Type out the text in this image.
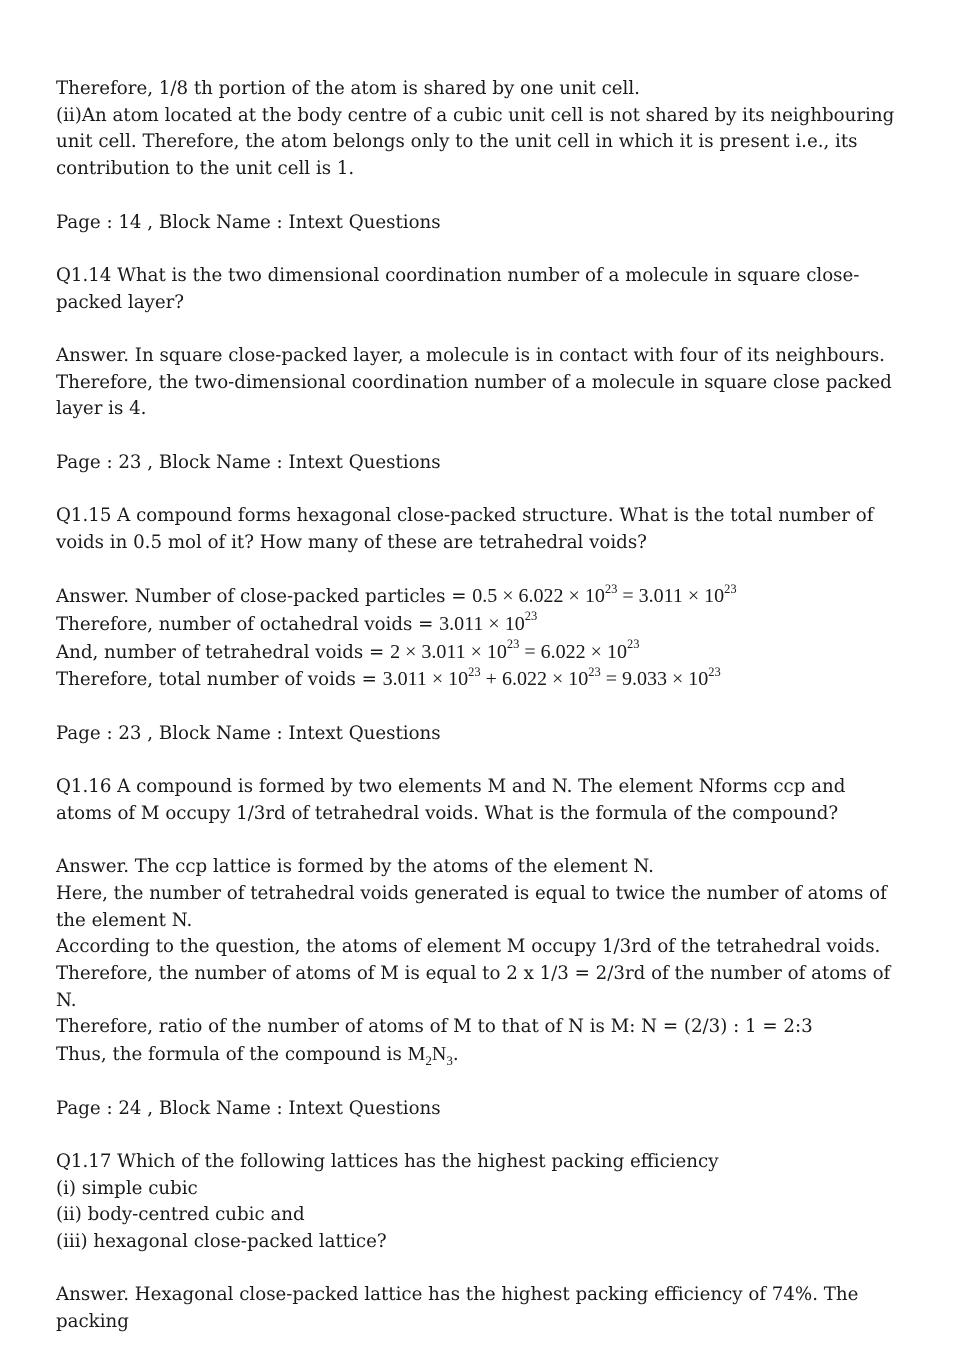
Therefore, 1/8 th portion of the atom is shared by one unit cell.

(ii)An atom located at the body centre of a cubic unit cell is not shared by its neighbouring unit cell. Therefore, the atom belongs only to the unit cell in which it is present i.e., its contribution to the unit cell is 1.

Page : 14 , Block Name : Intext Questions

Q1.14 What is the two dimensional coordination number of a molecule in square close-packed layer?

Answer. In square close-packed layer, a molecule is in contact with four of its neighbours. Therefore, the two-dimensional coordination number of a molecule in square close packed layer is 4.

Page : 23 , Block Name : Intext Questions

Q1.15 A compound forms hexagonal close-packed structure. What is the total number of voids in 0.5 mol of it? How many of these are tetrahedral voids?

Answer. Number of close-packed particles = $0.5 \times 6.022 \times 10^{23} = 3.011 \times 10^{23}$

Therefore, number of octahedral voids = $3.011 \times 10^{23}$

And, number of tetrahedral voids = $2 \times 3.011 \times 10^{23} = 6.022 \times 10^{23}$

Therefore, total number of voids = $3.011 \times 10^{23} + 6.022 \times 10^{23} = 9.033 \times 10^{23}$

Page : 23 , Block Name : Intext Questions

Q1.16 A compound is formed by two elements M and N. The element Nforms ccp and atoms of M occupy 1/3rd of tetrahedral voids. What is the formula of the compound?

Answer. The ccp lattice is formed by the atoms of the element N.

Here, the number of tetrahedral voids generated is equal to twice the number of atoms of the element N.

According to the question, the atoms of element M occupy 1/3rd of the tetrahedral voids.

Therefore, the number of atoms of M is equal to 2 x 1/3 = 2/3rd of the number of atoms of N.

Therefore, ratio of the number of atoms of M to that of N is M: N = (2/3) : 1 = 2:3

Thus, the formula of the compound is $M_2N_3$.

Page : 24 , Block Name : Intext Questions

Q1.17 Which of the following lattices has the highest packing efficiency

(i) simple cubic

(ii) body-centred cubic and

(iii) hexagonal close-packed lattice?

Answer. Hexagonal close-packed lattice has the highest packing efficiency of 74%. The packing
